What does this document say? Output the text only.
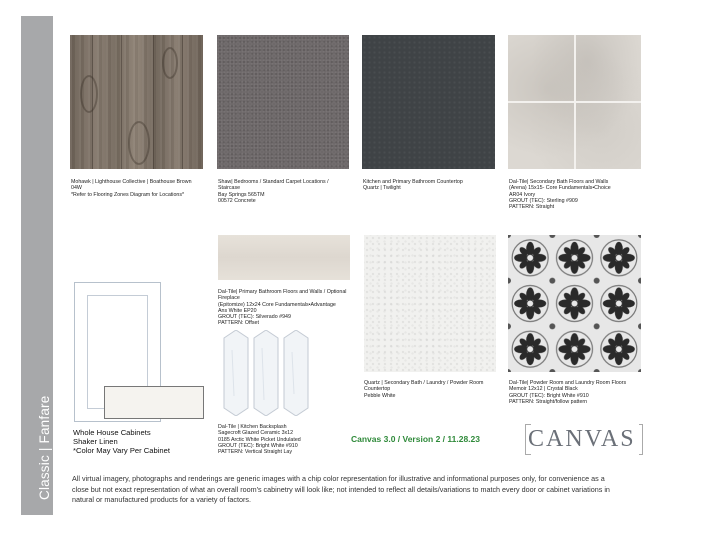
Classic | Fanfare
Mohawk | Lighthouse Collective | Boathouse Brown
04W
*Refer to Flooring Zones Diagram for Locations*
Shaw| Bedrooms / Standard Carpet Locations /
Staircase
Bay Springs 565TM
00572 Concrete
Kitchen and Primary Bathroom Countertop
Quartz | Twilight
Dal-Tile| Secondary Bath Floors and Walls
(Arena) 15x15- Core Fundamentals•Choice
AR04 Ivory
GROUT (TEC): Sterling #909
PATTERN: Straight
Whole House Cabinets
Shaker Linen
*Color May Vary Per Cabinet
Dal-Tile| Primary Bathroom Floors and Walls / Optional
Fireplace
(Epitomize) 12x24 Core Fundamentals•Advantage
Ans White EP20
GROUT (TEC): Silverado #949
PATTERN: Offset
Dal-Tile | Kitchen Backsplash
Sagecroft Glazed Ceramic 3x12
0185 Arctic White Picket Undulated
GROUT (TEC): Bright White #910
PATTERN: Vertical Straight Lay
Quartz | Secondary Bath / Laundry / Powder Room
Countertop
Pebble White
Dal-Tile| Powder Room and Laundry Room Floors
Memoir 12x12 | Crystal Black
GROUT (TEC): Bright White #910
PATTERN: Straight/follow pattern
Canvas 3.0 / Version 2 / 11.28.23 CANVAS
All virtual imagery, photographs and renderings are generic images with a chip color representation for illustrative and informational purposes only, for convenience as a close but not exact representation of what an overall room's cabinetry will look like; not intended to reflect all details/variations to match every door or cabinet variations in natural or manufactured products for a variety of factors.
